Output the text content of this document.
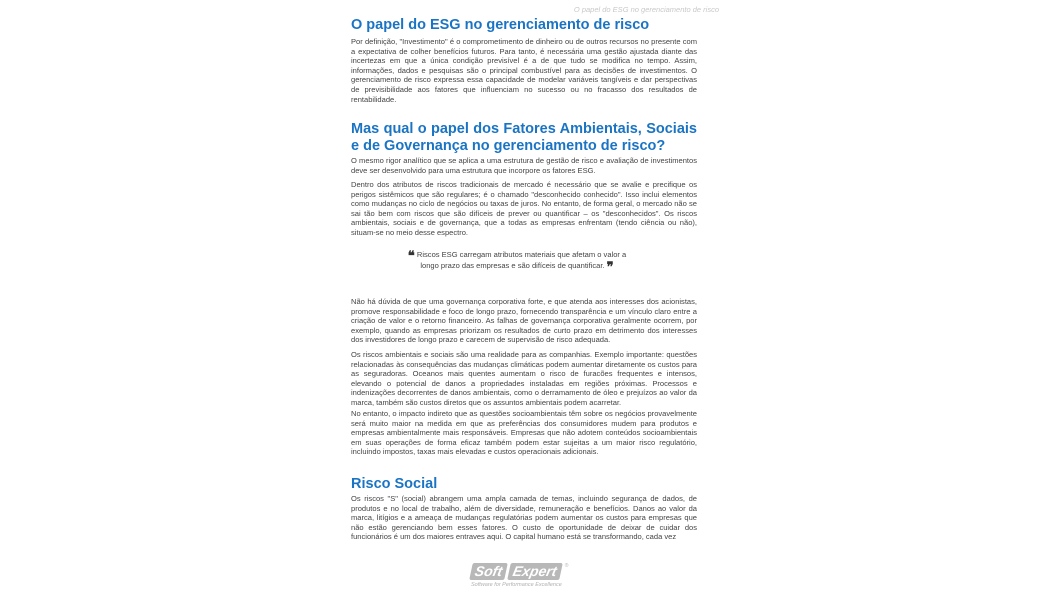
O papel do ESG no gerenciamento de risco
O papel do ESG no gerenciamento de risco

Por definição, "Investimento" é o comprometimento de dinheiro ou de outros recursos no presente com a expectativa de colher benefícios futuros. Para tanto, é necessária uma gestão ajustada diante das incertezas em que a única condição previsível é a de que tudo se modifica no tempo. Assim, informações, dados e pesquisas são o principal combustível para as decisões de investimentos. O gerenciamento de risco expressa essa capacidade de modelar variáveis tangíveis e dar perspectivas de previsibilidade aos fatores que influenciam no sucesso ou no fracasso dos resultados de rentabilidade.

Mas qual o papel dos Fatores Ambientais, Sociais e de Governança no gerenciamento de risco?

O mesmo rigor analítico que se aplica a uma estrutura de gestão de risco e avaliação de investimentos deve ser desenvolvido para uma estrutura que incorpore os fatores ESG.

Dentro dos atributos de riscos tradicionais de mercado é necessário que se avalie e precifique os perigos sistêmicos que são regulares; é o chamado "desconhecido conhecido". Isso inclui elementos como mudanças no ciclo de negócios ou taxas de juros. No entanto, de forma geral, o mercado não se sai tão bem com riscos que são difíceis de prever ou quantificar – os "desconhecidos". Os riscos ambientais, sociais e de governança, que a todas as empresas enfrentam (tendo ciência ou não), situam-se no meio desse espectro.

❝ Riscos ESG carregam atributos materiais que afetam o valor a longo prazo das empresas e são difíceis de quantificar. ❞

Não há dúvida de que uma governança corporativa forte, e que atenda aos interesses dos acionistas, promove responsabilidade e foco de longo prazo, fornecendo transparência e um vínculo claro entre a criação de valor e o retorno financeiro. As falhas de governança corporativa geralmente ocorrem, por exemplo, quando as empresas priorizam os resultados de curto prazo em detrimento dos interesses dos investidores de longo prazo e carecem de supervisão de risco adequada.

Os riscos ambientais e sociais são uma realidade para as companhias. Exemplo importante: questões relacionadas às consequências das mudanças climáticas podem aumentar diretamente os custos para as seguradoras. Oceanos mais quentes aumentam o risco de furacões frequentes e intensos, elevando o potencial de danos a propriedades instaladas em regiões próximas. Processos e indenizações decorrentes de danos ambientais, como o derramamento de óleo e prejuízos ao valor da marca, também são custos diretos que os assuntos ambientais podem acarretar.

No entanto, o impacto indireto que as questões socioambientais têm sobre os negócios provavelmente será muito maior na medida em que as preferências dos consumidores mudem para produtos e empresas ambientalmente mais responsáveis. Empresas que não adotem conteúdos socioambientais em suas operações de forma eficaz também podem estar sujeitas a um maior risco regulatório, incluindo impostos, taxas mais elevadas e custos operacionais adicionais.

Risco Social

Os riscos "S" (social) abrangem uma ampla camada de temas, incluindo segurança de dados, de produtos e no local de trabalho, além de diversidade, remuneração e benefícios. Danos ao valor da marca, litígios e a ameaça de mudanças regulatórias podem aumentar os custos para empresas que não estão gerenciando bem esses fatores. O custo de oportunidade de deixar de cuidar dos funcionários é um dos maiores entraves aqui. O capital humano está se transformando, cada vez

Soft Expert	®
Software for Performance Excellence
